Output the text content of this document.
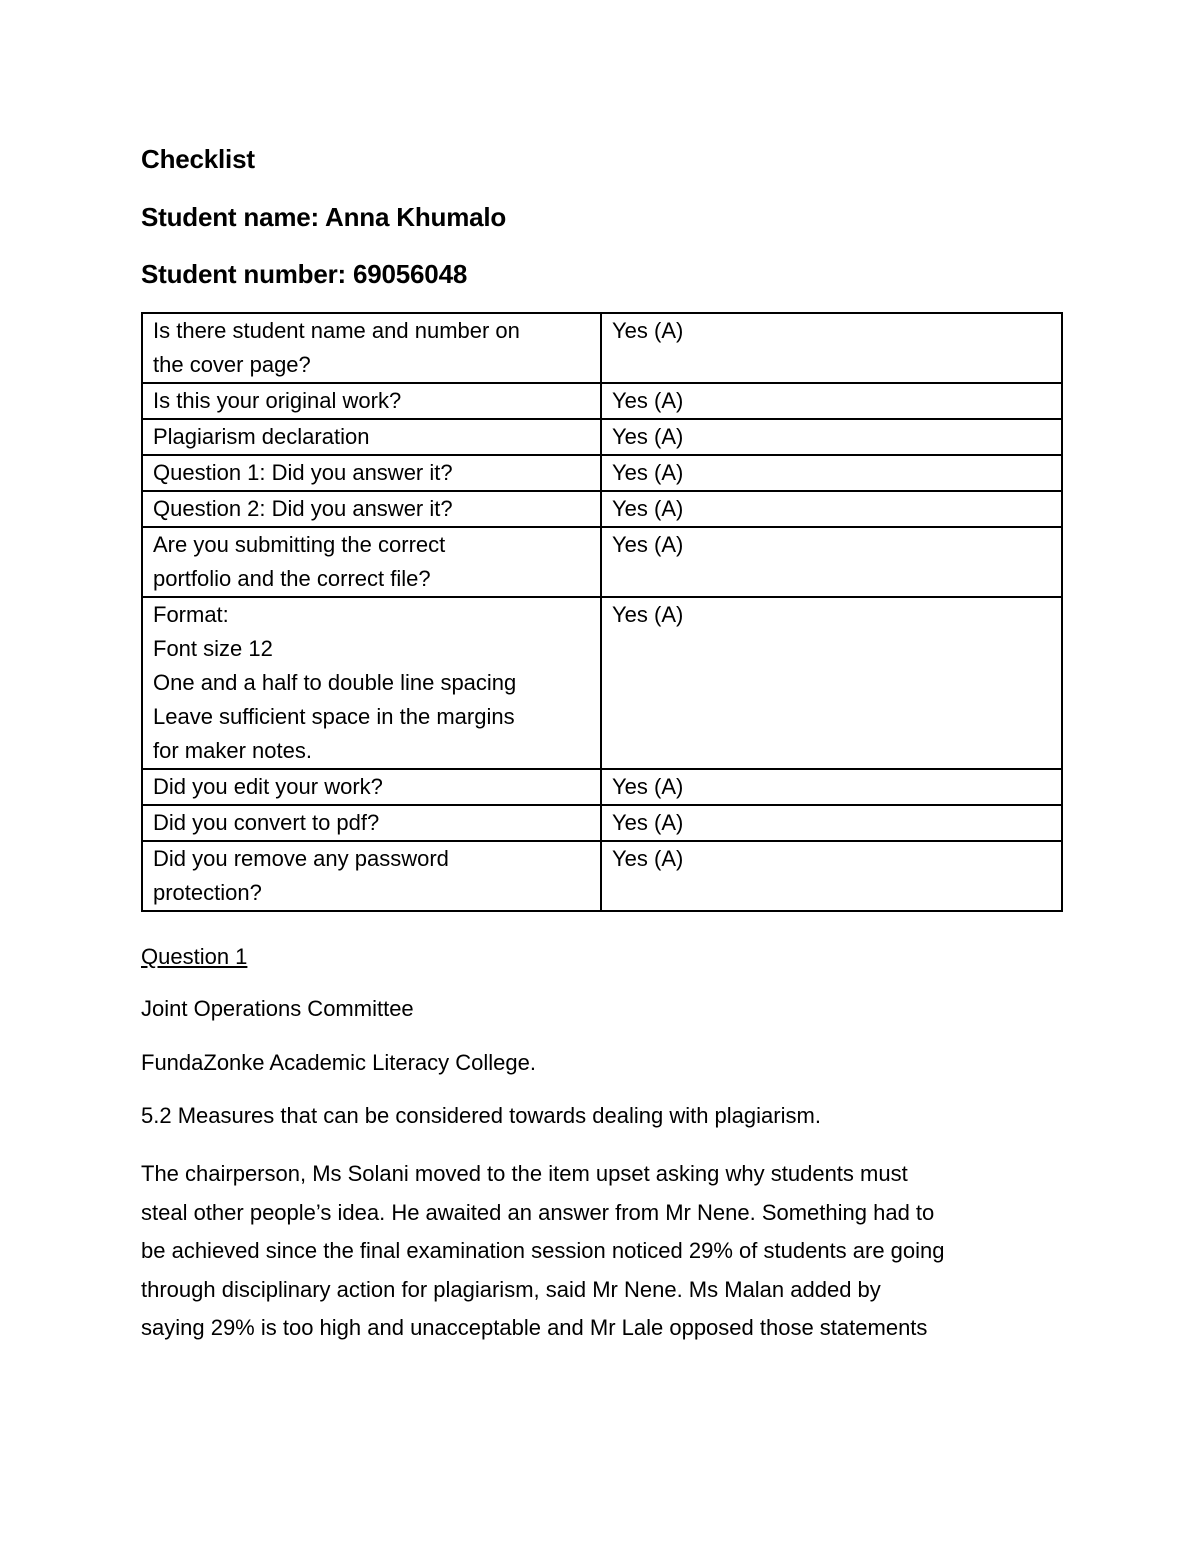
Checklist
Student name: Anna Khumalo
Student number: 69056048
Is there student name and number on
the cover page?	Yes (A)

Is this your original work?	Yes (A)

Plagiarism declaration	Yes (A)

Question 1: Did you answer it?	Yes (A)

Question 2: Did you answer it?	Yes (A)

Are you submitting the correct
portfolio and the correct file?	Yes (A)

Format:
Font size 12
One and a half to double line spacing
Leave sufficient space in the margins
for maker notes.	Yes (A)

Did you edit your work?	Yes (A)

Did you convert to pdf?	Yes (A)

Did you remove any password
protection?	Yes (A)
Question 1
Joint Operations Committee
FundaZonke Academic Literacy College.
5.2 Measures that can be considered towards dealing with plagiarism.
The chairperson, Ms Solani moved to the item upset asking why students must
steal other people’s idea. He awaited an answer from Mr Nene. Something had to
be achieved since the final examination session noticed 29% of students are going
through disciplinary action for plagiarism, said Mr Nene. Ms Malan added by
saying 29% is too high and unacceptable and Mr Lale opposed those statements
